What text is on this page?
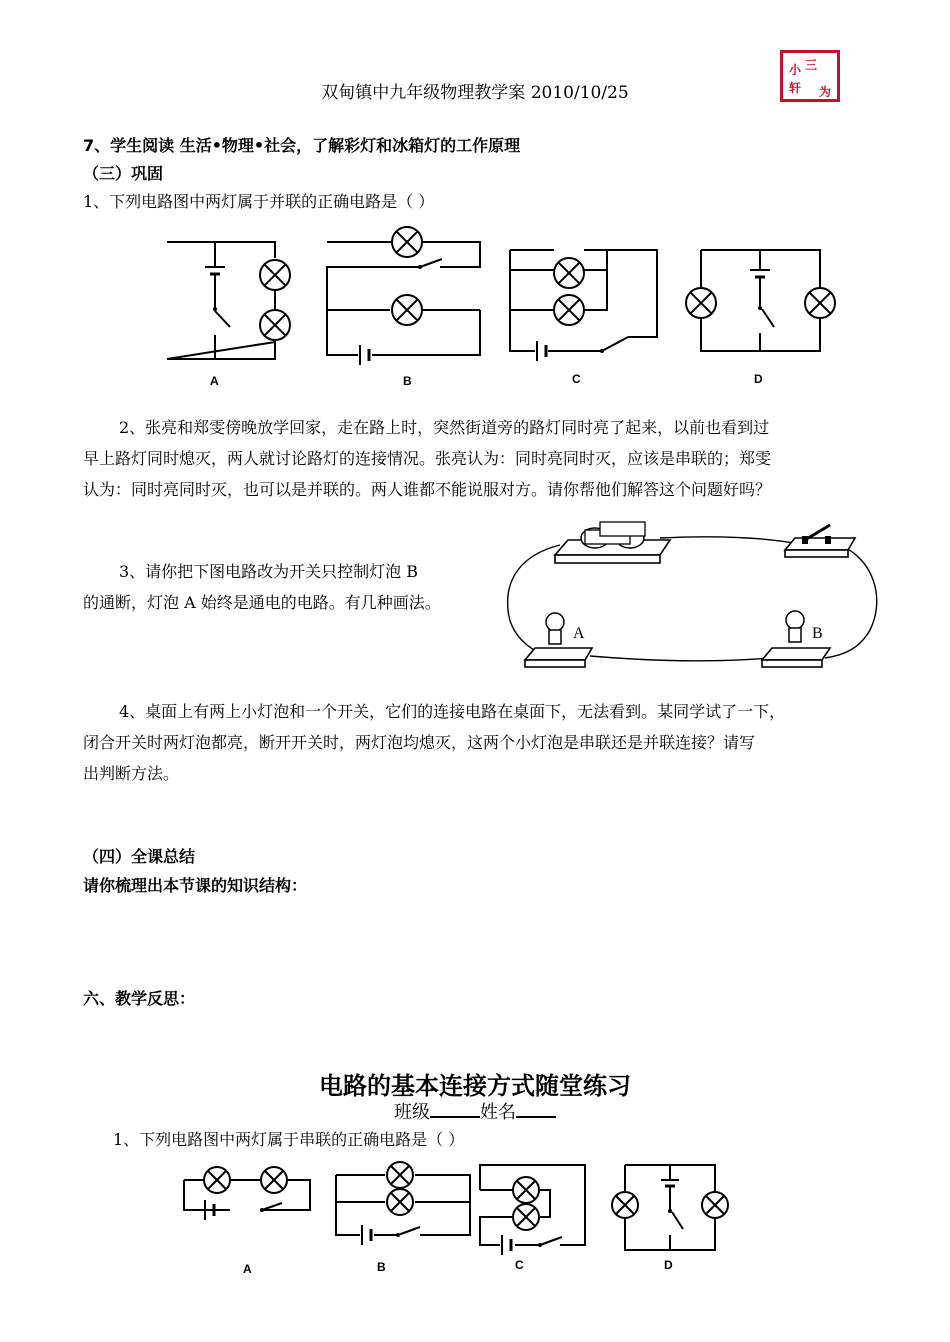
双甸镇中九年级物理教学案 2010/10/25
三
小
轩 为
7、学生阅读 生活•物理•社会，了解彩灯和冰箱灯的工作原理
（三）巩固
1、下列电路图中两灯属于并联的正确电路是（ ）
A	B	C	D
2、张亮和郑雯傍晚放学回家，走在路上时，突然街道旁的路灯同时亮了起来，以前也看到过
早上路灯同时熄灭，两人就讨论路灯的连接情况。张亮认为：同时亮同时灭，应该是串联的；郑雯
认为：同时亮同时灭，也可以是并联的。两人谁都不能说服对方。请你帮他们解答这个问题好吗？
3、请你把下图电路改为开关只控制灯泡 B
的通断，灯泡 A 始终是通电的电路。有几种画法。
A	B
4、桌面上有两上小灯泡和一个开关，它们的连接电路在桌面下，无法看到。某同学试了一下，
闭合开关时两灯泡都亮，断开开关时，两灯泡均熄灭，这两个小灯泡是串联还是并联连接？请写
出判断方法。
（四）全课总结
请你梳理出本节课的知识结构：
六、教学反思：
电路的基本连接方式随堂练习
班级	姓名
1、下列电路图中两灯属于串联的正确电路是（ ）
A	B	C	D
